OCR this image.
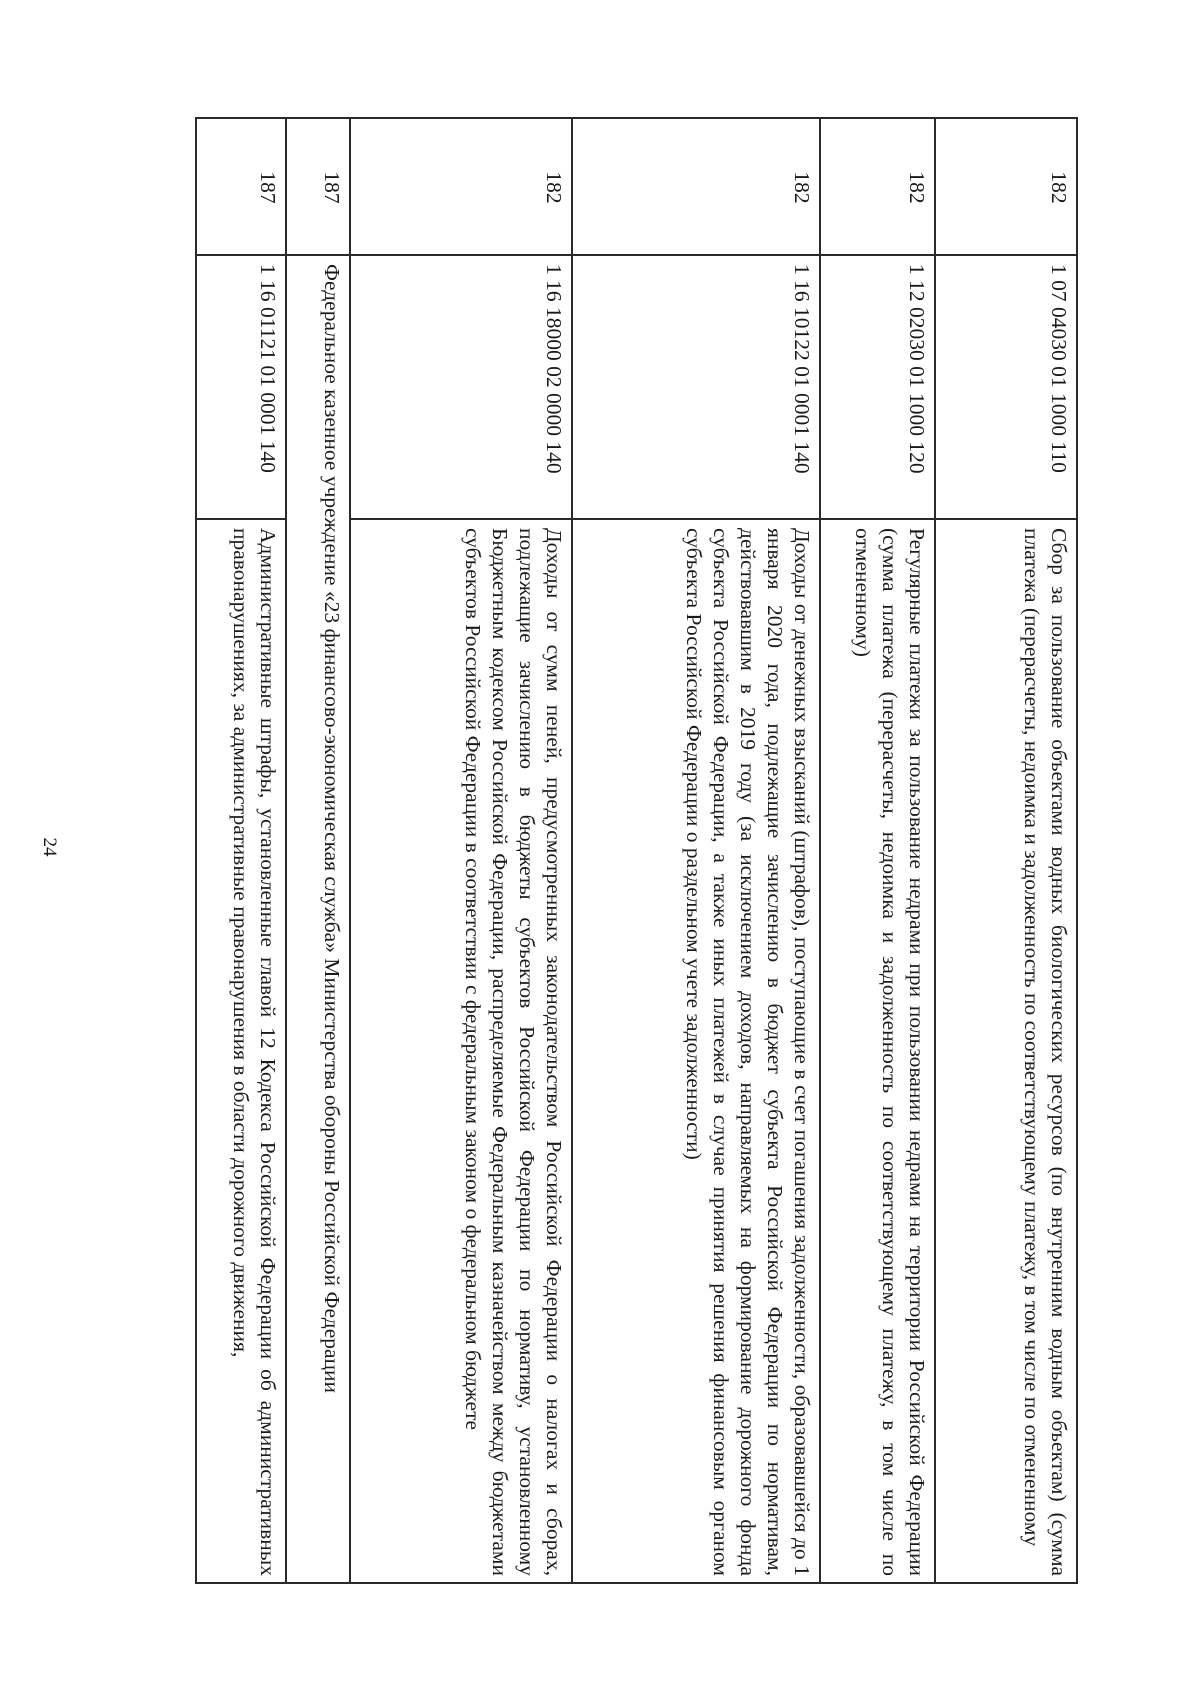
24
182	1 07 04030 01 1000 110	Сбор за пользование объектами водных биологических ресурсов (по внутренним водным объектам) (сумма платежа (перерасчеты, недоимка и задолженность по соответствующему платежу, в том числе по отмененному
182	1 12 02030 01 1000 120	Регулярные платежи за пользование недрами при пользовании недрами на территории Российской Федерации (сумма платежа (перерасчеты, недоимка и задолженность по соответствующему платежу, в том числе по отмененному)
182	1 16 10122 01 0001 140	Доходы от денежных взысканий (штрафов), поступающие в счет погашения задолженности, образовавшейся до 1 января 2020 года, подлежащие зачислению в бюджет субъекта Российской Федерации по нормативам, действовавшим в 2019 году (за исключением доходов, направляемых на формирование дорожного фонда субъекта Российской Федерации, а также иных платежей в случае принятия решения финансовым органом субъекта Российской Федерации о раздельном учете задолженности)
182	1 16 18000 02 0000 140	Доходы от сумм пеней, предусмотренных законодательством Российской Федерации о налогах и сборах, подлежащие зачислению в бюджеты субъектов Российской Федерации по нормативу, установленному Бюджетным кодексом Российской Федерации, распределяемые Федеральным казначейством между бюджетами субъектов Российской Федерации в соответствии с федеральным законом о федеральном бюджете
187	Федеральное казенное учреждение «23 финансово-экономическая служба» Министерства обороны Российской Федерации	
187	1 16 01121 01 0001 140	Административные штрафы, установленные главой 12 Кодекса Российской Федерации об административных правонарушениях, за административные правонарушения в области дорожного движения,
